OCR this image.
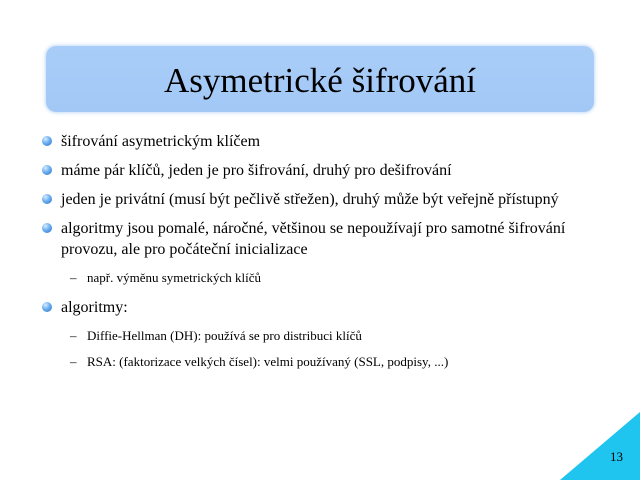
Asymetrické šifrování
šifrování asymetrickým klíčem
máme pár klíčů, jeden je pro šifrování, druhý pro dešifrování
jeden je privátní (musí být pečlivě střežen), druhý může být veřejně přístupný
algoritmy jsou pomalé, náročné, většinou se nepoužívají pro samotné šifrování provozu, ale pro počáteční inicializace
– např. výměnu symetrických klíčů
algoritmy:
– Diffie-Hellman (DH): používá se pro distribuci klíčů
– RSA: (faktorizace velkých čísel): velmi používaný (SSL, podpisy, ...)
13
